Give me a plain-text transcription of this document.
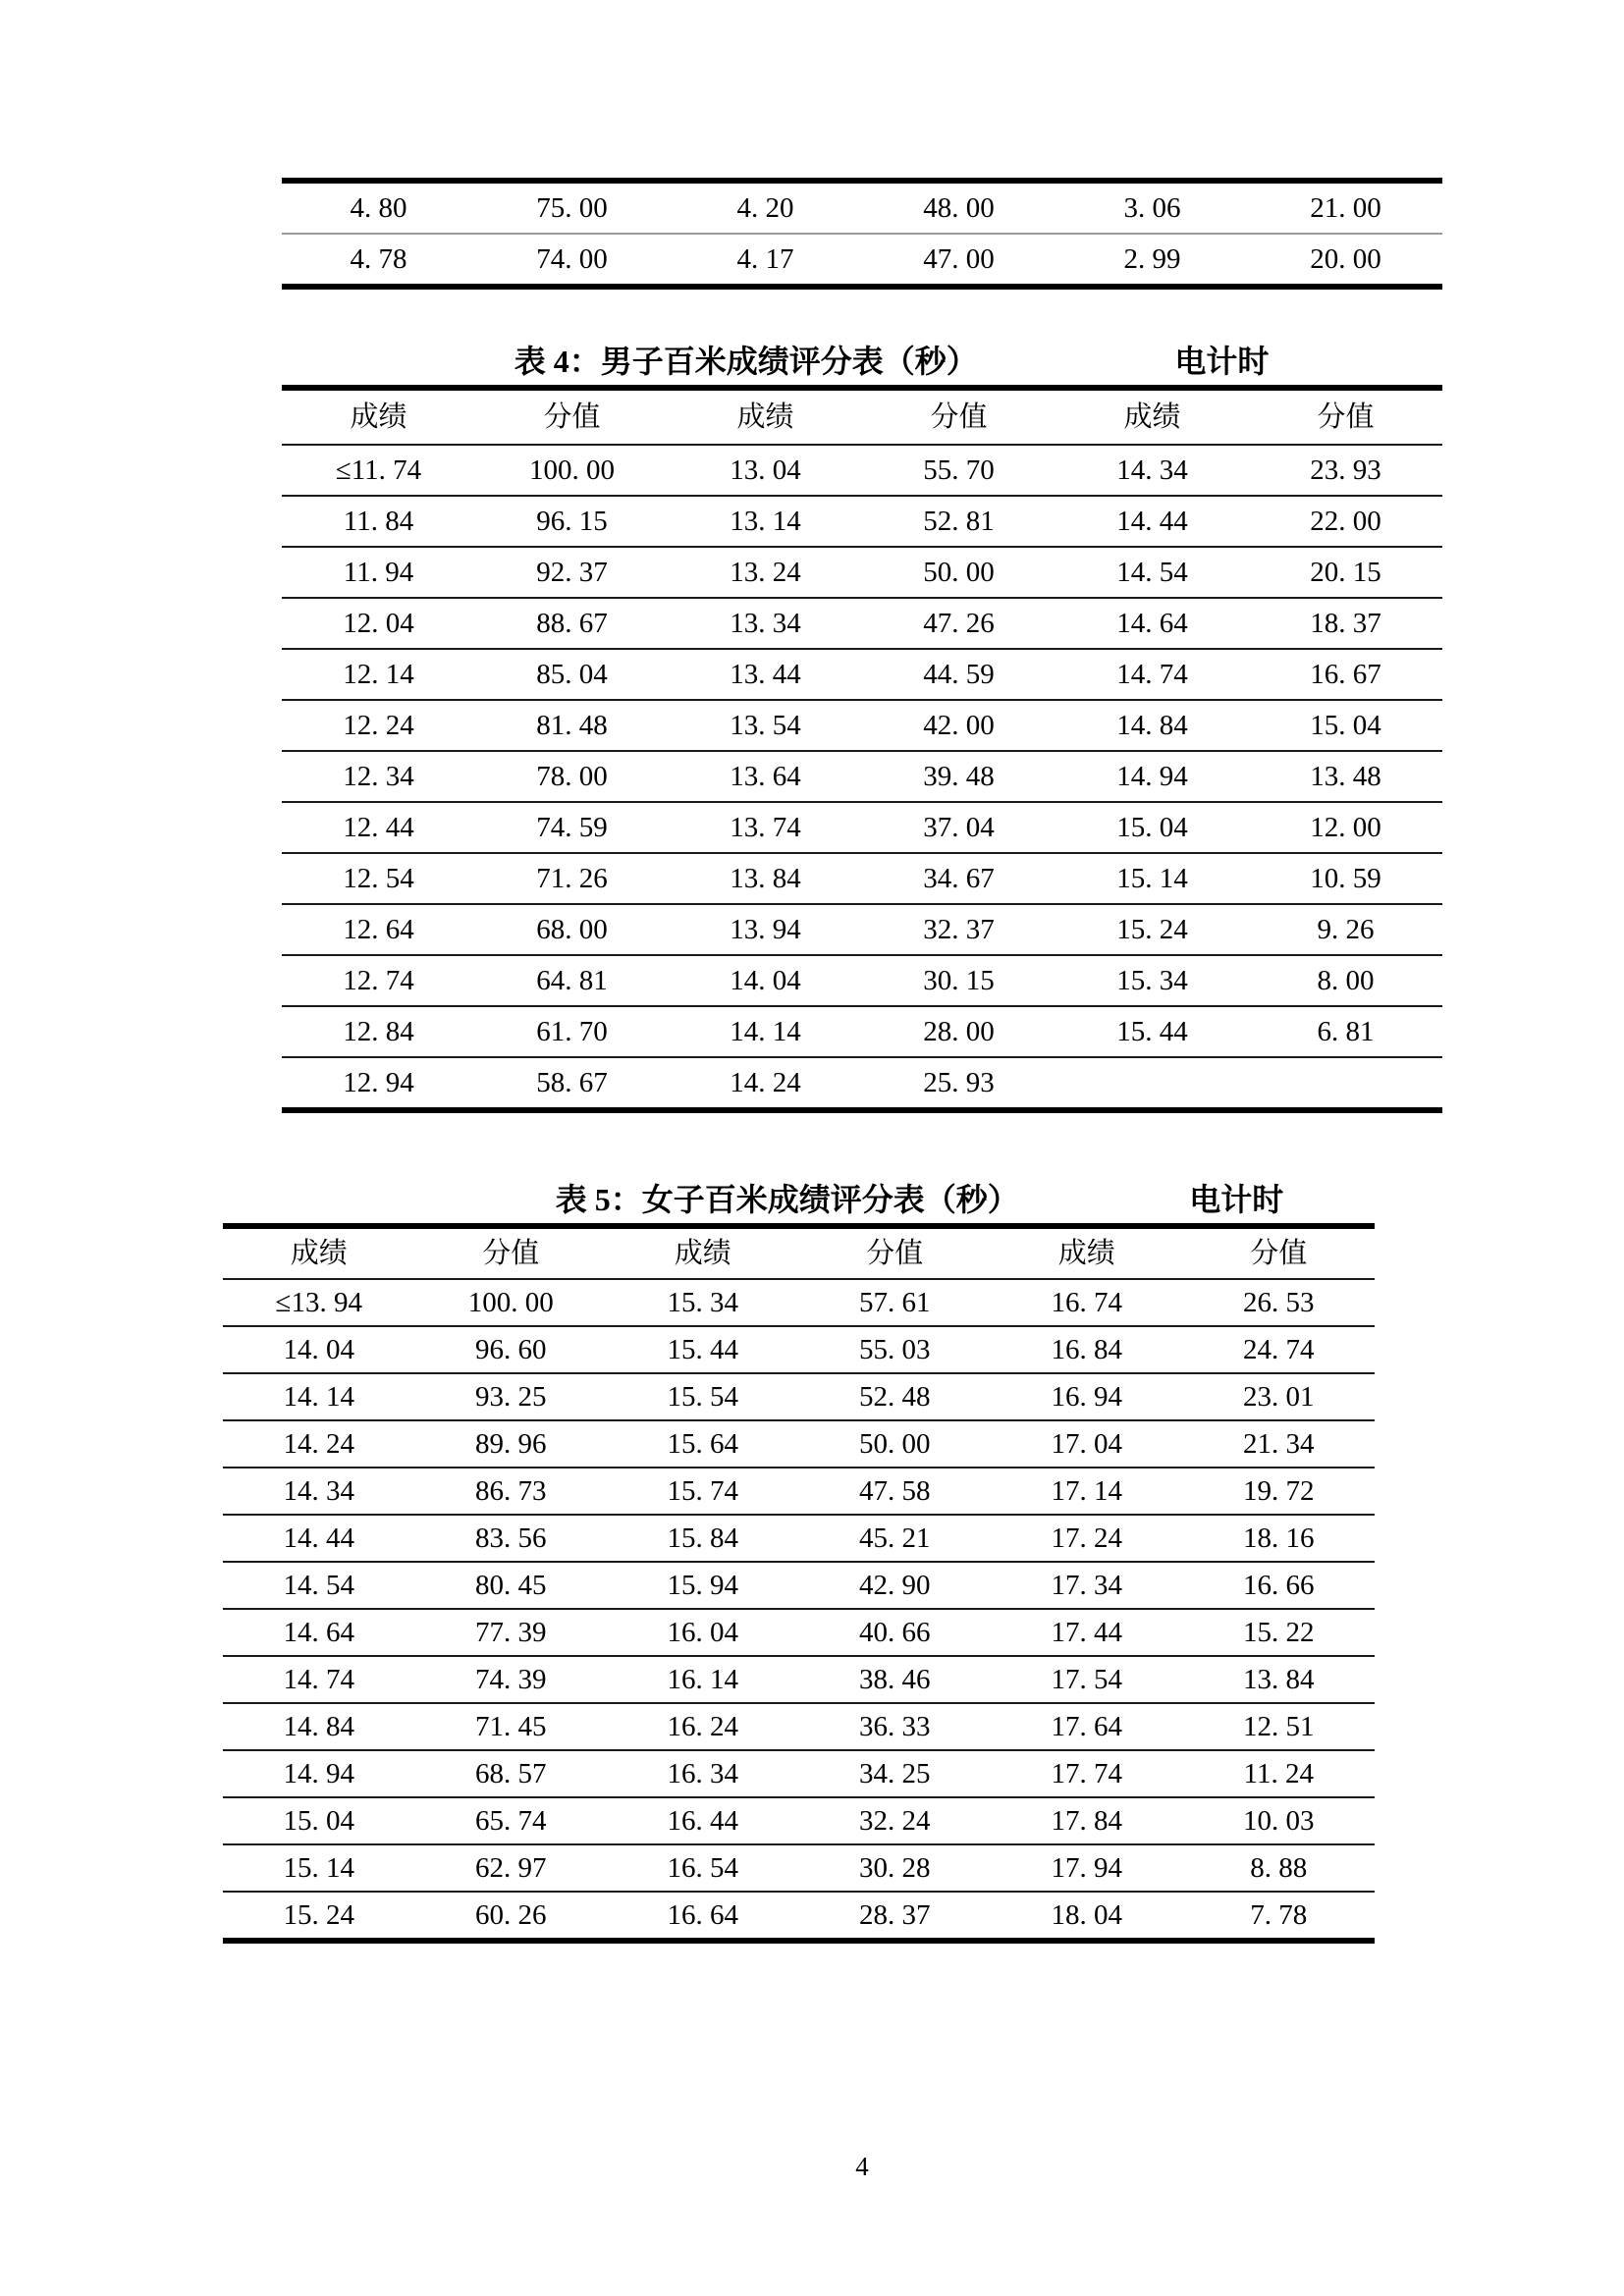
4. 80	75. 00	4. 20	48. 00	3. 06	21. 00
4. 78	74. 00	4. 17	47. 00	2. 99	20. 00
表 4：男子百米成绩评分表（秒）	电计时
成绩	分值	成绩	分值	成绩	分值
≤11. 74	100. 00	13. 04	55. 70	14. 34	23. 93
11. 84	96. 15	13. 14	52. 81	14. 44	22. 00
11. 94	92. 37	13. 24	50. 00	14. 54	20. 15
12. 04	88. 67	13. 34	47. 26	14. 64	18. 37
12. 14	85. 04	13. 44	44. 59	14. 74	16. 67
12. 24	81. 48	13. 54	42. 00	14. 84	15. 04
12. 34	78. 00	13. 64	39. 48	14. 94	13. 48
12. 44	74. 59	13. 74	37. 04	15. 04	12. 00
12. 54	71. 26	13. 84	34. 67	15. 14	10. 59
12. 64	68. 00	13. 94	32. 37	15. 24	9. 26
12. 74	64. 81	14. 04	30. 15	15. 34	8. 00
12. 84	61. 70	14. 14	28. 00	15. 44	6. 81
12. 94	58. 67	14. 24	25. 93
表 5：女子百米成绩评分表（秒）	电计时
成绩	分值	成绩	分值	成绩	分值
≤13. 94	100. 00	15. 34	57. 61	16. 74	26. 53
14. 04	96. 60	15. 44	55. 03	16. 84	24. 74
14. 14	93. 25	15. 54	52. 48	16. 94	23. 01
14. 24	89. 96	15. 64	50. 00	17. 04	21. 34
14. 34	86. 73	15. 74	47. 58	17. 14	19. 72
14. 44	83. 56	15. 84	45. 21	17. 24	18. 16
14. 54	80. 45	15. 94	42. 90	17. 34	16. 66
14. 64	77. 39	16. 04	40. 66	17. 44	15. 22
14. 74	74. 39	16. 14	38. 46	17. 54	13. 84
14. 84	71. 45	16. 24	36. 33	17. 64	12. 51
14. 94	68. 57	16. 34	34. 25	17. 74	11. 24
15. 04	65. 74	16. 44	32. 24	17. 84	10. 03
15. 14	62. 97	16. 54	30. 28	17. 94	8. 88
15. 24	60. 26	16. 64	28. 37	18. 04	7. 78
4
